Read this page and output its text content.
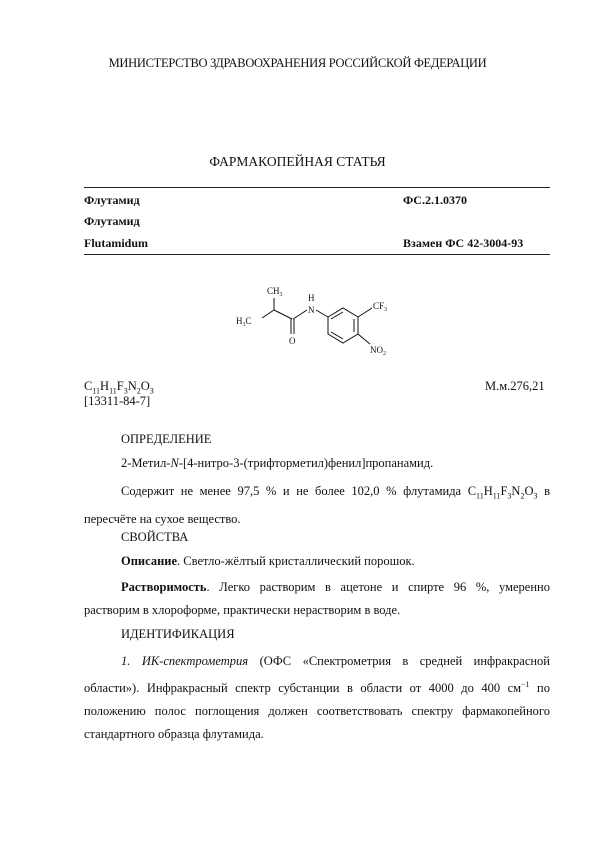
МИНИСТЕРСТВО ЗДРАВООХРАНЕНИЯ РОССИЙСКОЙ ФЕДЕРАЦИИ
ФАРМАКОПЕЙНАЯ СТАТЬЯ
Флутамид	ФС.2.1.0370
Флутамид
Flutamidum	Взамен ФС 42-3004-93
$CH_3$
$H_3C$
H
N
O
$CF_3$
$NO_2$
$C_{11}H_{11}F_3N_2O_3$	М.м.276,21
[13311-84-7]
ОПРЕДЕЛЕНИЕ
2-Метил-N-[4-нитро-3-(трифторметил)фенил]пропанамид.
Содержит не менее 97,5 % и не более 102,0 % флутамида $C_{11}H_{11}F_3N_2O_3$ в пересчёте на сухое вещество.
СВОЙСТВА
Описание. Светло-жёлтый кристаллический порошок.
Растворимость. Легко растворим в ацетоне и спирте 96 %, умеренно растворим в хлороформе, практически нерастворим в воде.
ИДЕНТИФИКАЦИЯ
1. ИК-спектрометрия (ОФС «Спектрометрия в средней инфракрасной области»). Инфракрасный спектр субстанции в области от 4000 до 400 $см^{-1}$ по положению полос поглощения должен соответствовать спектру фармакопейного стандартного образца флутамида.
